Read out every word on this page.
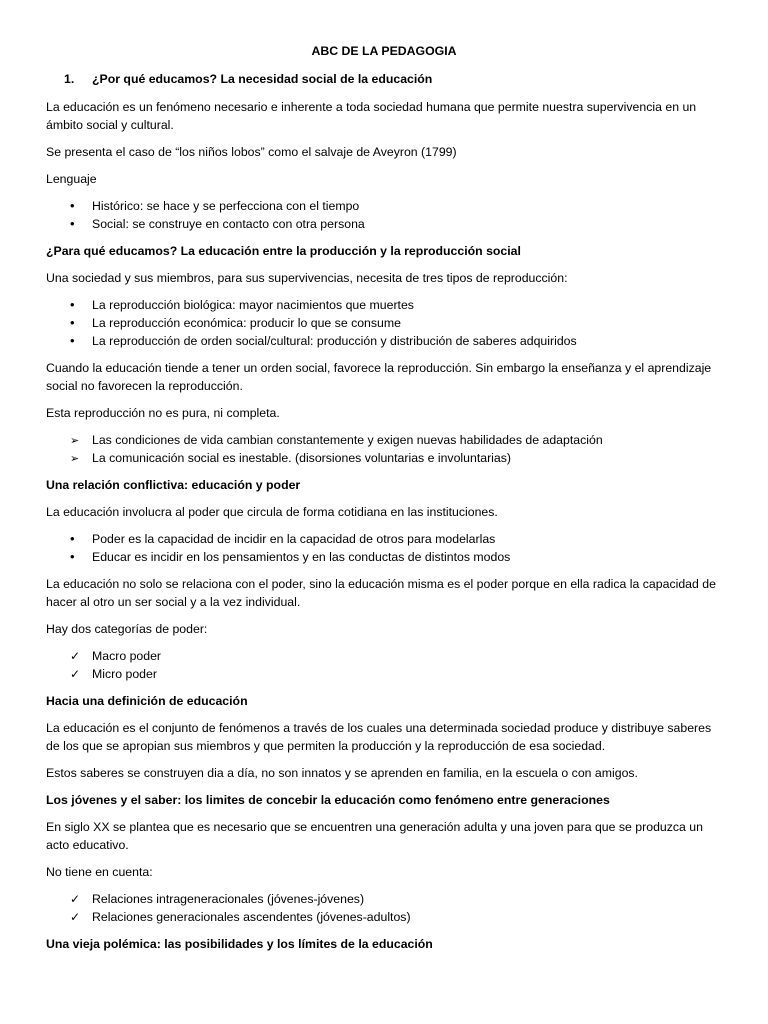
ABC DE LA PEDAGOGIA
1.	¿Por qué educamos? La necesidad social de la educación

La educación es un fenómeno necesario e inherente a toda sociedad humana que permite nuestra supervivencia en un ámbito social y cultural.

Se presenta el caso de “los niños lobos” como el salvaje de Aveyron (1799)

Lenguaje

•
Histórico: se hace y se perfecciona con el tiempo
•
Social: se construye en contacto con otra persona
¿Para qué educamos? La educación entre la producción y la reproducción social

Una sociedad y sus miembros, para sus supervivencias, necesita de tres tipos de reproducción:

•
La reproducción biológica: mayor nacimientos que muertes
•
La reproducción económica: producir lo que se consume
•
La reproducción de orden social/cultural: producción y distribución de saberes adquiridos

Cuando la educación tiende a tener un orden social, favorece la reproducción. Sin embargo la enseñanza y el aprendizaje social no favorecen la reproducción.

Esta reproducción no es pura, ni completa.

➢
Las condiciones de vida cambian constantemente y exigen nuevas habilidades de adaptación
➢
La comunicación social es inestable. (disorsiones voluntarias e involuntarias)
Una relación conflictiva: educación y poder

La educación involucra al poder que circula de forma cotidiana en las instituciones.

•
Poder es la capacidad de incidir en la capacidad de otros para modelarlas
•
Educar es incidir en los pensamientos y en las conductas de distintos modos

La educación no solo se relaciona con el poder, sino la educación misma es el poder porque en ella radica la capacidad de hacer al otro un ser social y a la vez individual.

Hay dos categorías de poder:

✓
Macro poder
✓
Micro poder
Hacia una definición de educación

La educación es el conjunto de fenómenos a través de los cuales una determinada sociedad produce y distribuye saberes de los que se apropian sus miembros y que permiten la producción y la reproducción de esa sociedad.

Estos saberes se construyen dia a día, no son innatos y se aprenden en familia, en la escuela o con amigos.

Los jóvenes y el saber: los limites de concebir la educación como fenómeno entre generaciones

En siglo XX se plantea que es necesario que se encuentren una generación adulta y una joven para que se produzca un acto educativo.

No tiene en cuenta:

✓
Relaciones intrageneracionales (jóvenes-jóvenes)
✓
Relaciones generacionales ascendentes (jóvenes-adultos)
Una vieja polémica: las posibilidades y los límites de la educación
